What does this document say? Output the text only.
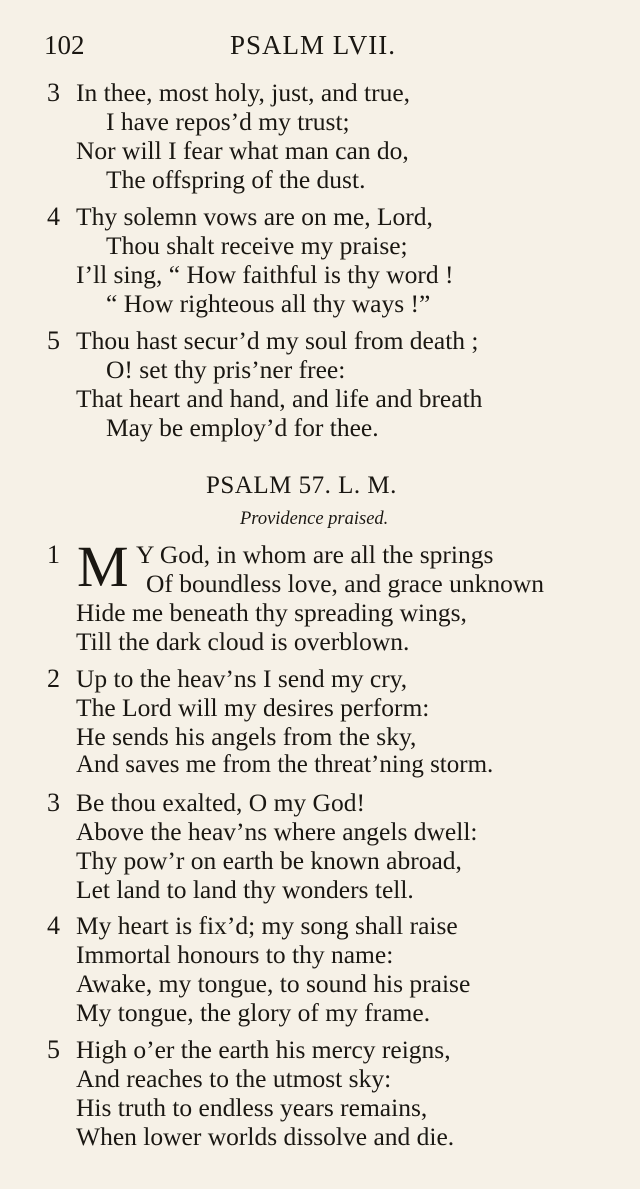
102	PSALM LVII.
3 In thee, most holy, just, and true,
I have repos’d my trust;
Nor will I fear what man can do,
The offspring of the dust.
4 Thy solemn vows are on me, Lord,
Thou shalt receive my praise;
I’ll sing, “ How faithful is thy word !
“ How righteous all thy ways !”
5 Thou hast secur’d my soul from death ;
O! set thy pris’ner free:
That heart and hand, and life and breath
May be employ’d for thee.
PSALM 57. L. M.
Providence praised.
1	Y God, in whom are all the springs
Of boundless love, and grace unknown
Hide me beneath thy spreading wings,
Till the dark cloud is overblown.
M
2 Up to the heav’ns I send my cry,
The Lord will my desires perform:
He sends his angels from the sky,
And saves me from the threat’ning storm.
3 Be thou exalted, O my God!
Above the heav’ns where angels dwell:
Thy pow’r on earth be known abroad,
Let land to land thy wonders tell.
4 My heart is fix’d; my song shall raise
Immortal honours to thy name:
Awake, my tongue, to sound his praise
My tongue, the glory of my frame.
5 High o’er the earth his mercy reigns,
And reaches to the utmost sky:
His truth to endless years remains,
When lower worlds dissolve and die.
